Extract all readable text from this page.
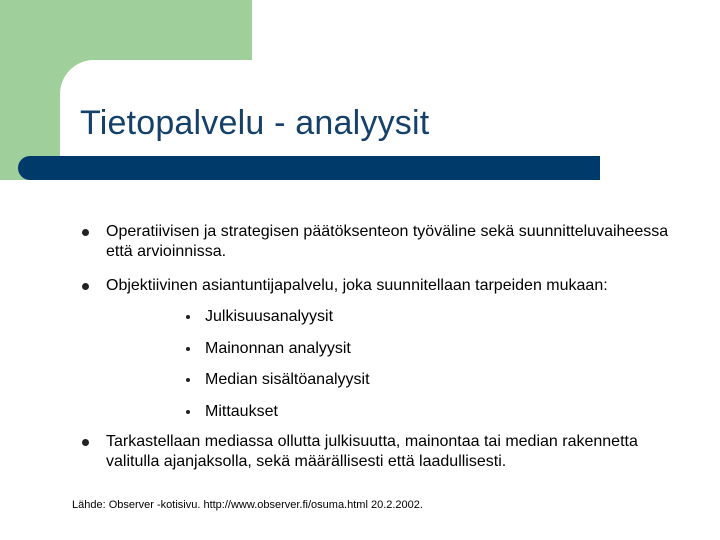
Tietopalvelu - analyysit
Operatiivisen ja strategisen päätöksenteon työväline sekä suunnitteluvaiheessa että arvioinnissa.
Objektiivinen asiantuntijapalvelu, joka suunnitellaan tarpeiden mukaan:
Julkisuusanalyysit
Mainonnan analyysit
Median sisältöanalyysit
Mittaukset
Tarkastellaan mediassa ollutta julkisuutta, mainontaa tai median rakennetta valitulla ajanjaksolla, sekä määrällisesti että laadullisesti.
Lähde: Observer -kotisivu. http://www.observer.fi/osuma.html 20.2.2002.
